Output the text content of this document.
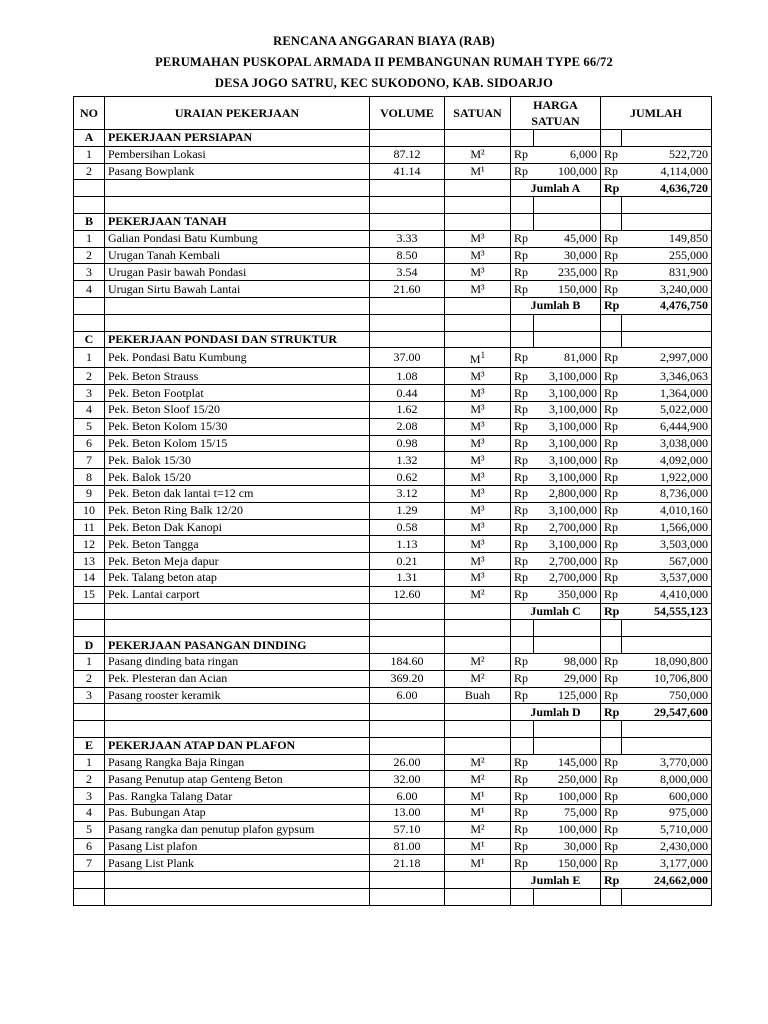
RENCANA ANGGARAN BIAYA (RAB)
PERUMAHAN PUSKOPAL ARMADA II PEMBANGUNAN RUMAH TYPE 66/72
DESA JOGO SATRU, KEC SUKODONO, KAB. SIDOARJO
NO	URAIAN PEKERJAAN	VOLUME	SATUAN	HARGA SATUAN		JUMLAH	
A	PEKERJAAN PERSIAPAN						
1	Pembersihan Lokasi	87.12	M²	Rp	6,000	Rp	522,720
2	Pasang Bowplank	41.14	M¹	Rp	100,000	Rp	4,114,000
				Jumlah A		Rp	4,636,720

B	PEKERJAAN TANAH						
1	Galian Pondasi Batu Kumbung	3.33	M³	Rp	45,000	Rp	149,850
2	Urugan Tanah Kembali	8.50	M³	Rp	30,000	Rp	255,000
3	Urugan Pasir bawah Pondasi	3.54	M³	Rp	235,000	Rp	831,900
4	Urugan Sirtu Bawah Lantai	21.60	M³	Rp	150,000	Rp	3,240,000
				Jumlah B		Rp	4,476,750

C	PEKERJAAN PONDASI DAN STRUKTUR						
1	Pek. Pondasi Batu Kumbung	37.00	$M^1$	Rp	81,000	Rp	2,997,000
2	Pek. Beton Strauss	1.08	M³	Rp	3,100,000	Rp	3,346,063
3	Pek. Beton Footplat	0.44	M³	Rp	3,100,000	Rp	1,364,000
4	Pek. Beton Sloof 15/20	1.62	M³	Rp	3,100,000	Rp	5,022,000
5	Pek. Beton Kolom 15/30	2.08	M³	Rp	3,100,000	Rp	6,444,900
6	Pek. Beton Kolom 15/15	0.98	M³	Rp	3,100,000	Rp	3,038,000
7	Pek. Balok 15/30	1.32	M³	Rp	3,100,000	Rp	4,092,000
8	Pek. Balok 15/20	0.62	M³	Rp	3,100,000	Rp	1,922,000
9	Pek. Beton dak lantai t=12 cm	3.12	M³	Rp	2,800,000	Rp	8,736,000
10	Pek. Beton Ring Balk 12/20	1.29	M³	Rp	3,100,000	Rp	4,010,160
11	Pek. Beton Dak Kanopi	0.58	M³	Rp	2,700,000	Rp	1,566,000
12	Pek. Beton Tangga	1.13	M³	Rp	3,100,000	Rp	3,503,000
13	Pek. Beton Meja dapur	0.21	M³	Rp	2,700,000	Rp	567,000
14	Pek. Talang beton atap	1.31	M³	Rp	2,700,000	Rp	3,537,000
15	Pek. Lantai carport	12.60	M²	Rp	350,000	Rp	4,410,000
				Jumlah C		Rp	54,555,123

D	PEKERJAAN PASANGAN DINDING						
1	Pasang dinding bata ringan	184.60	M²	Rp	98,000	Rp	18,090,800
2	Pek. Plesteran dan Acian	369.20	M²	Rp	29,000	Rp	10,706,800
3	Pasang rooster keramik	6.00	Buah	Rp	125,000	Rp	750,000
				Jumlah D		Rp	29,547,600

E	PEKERJAAN ATAP DAN PLAFON						
1	Pasang Rangka Baja Ringan	26.00	M²	Rp	145,000	Rp	3,770,000
2	Pasang Penutup atap Genteng Beton	32.00	M²	Rp	250,000	Rp	8,000,000
3	Pas. Rangka Talang Datar	6.00	M¹	Rp	100,000	Rp	600,000
4	Pas. Bubungan Atap	13.00	M¹	Rp	75,000	Rp	975,000
5	Pasang rangka dan penutup plafon gypsum	57.10	M²	Rp	100,000	Rp	5,710,000
6	Pasang List plafon	81.00	M¹	Rp	30,000	Rp	2,430,000
7	Pasang List Plank	21.18	M¹	Rp	150,000	Rp	3,177,000
				Jumlah E		Rp	24,662,000
